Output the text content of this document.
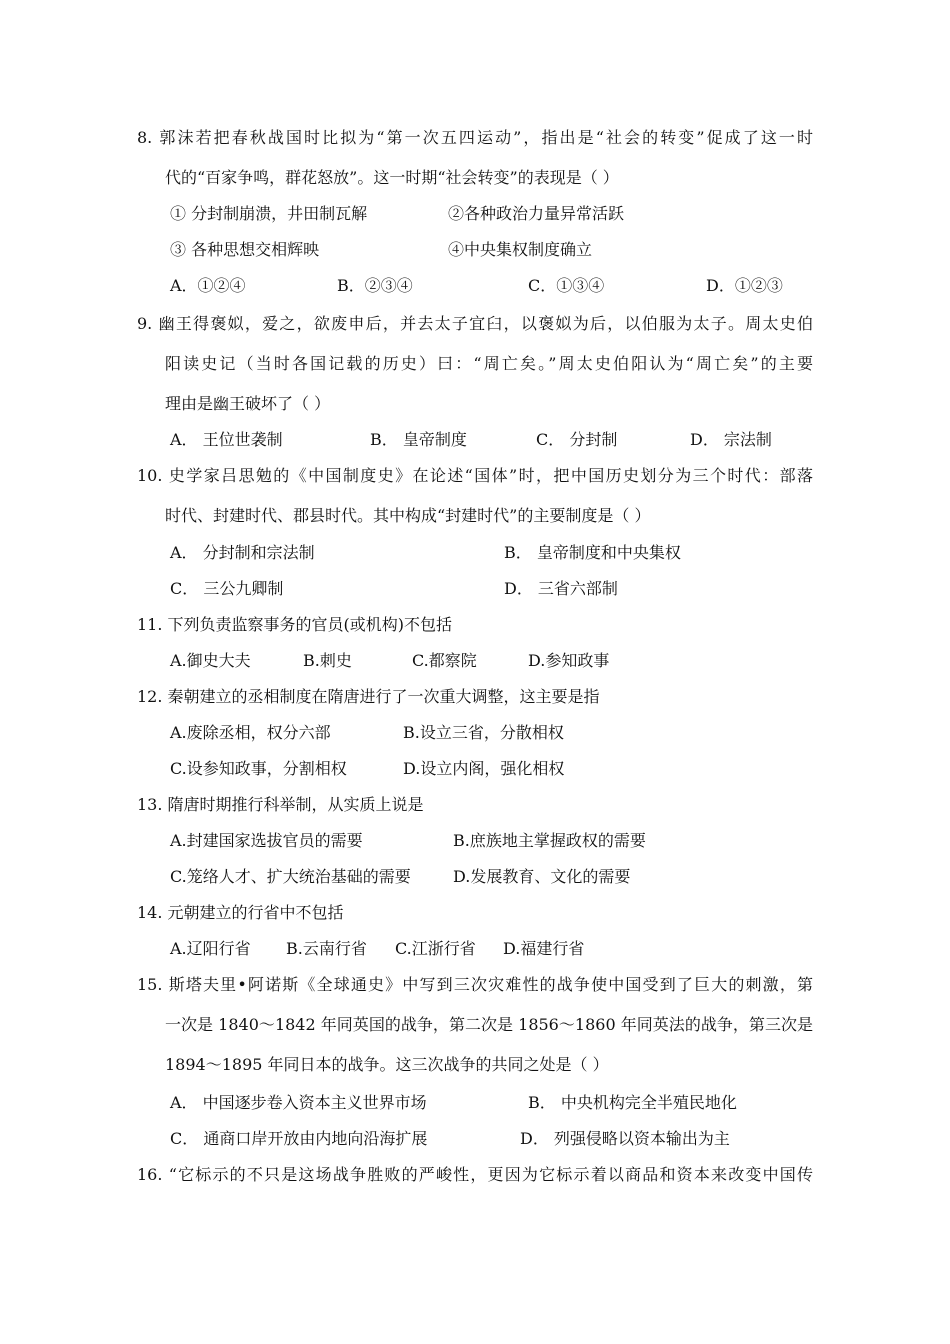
8. 郭沫若把春秋战国时比拟为“第一次五四运动”，指出是“社会的转变”促成了这一时
代的“百家争鸣，群花怒放”。这一时期“社会转变”的表现是（ ）
① 分封制崩溃，井田制瓦解	②各种政治力量异常活跃
③ 各种思想交相辉映	④中央集权制度确立
A．①②④	B．②③④	C．①③④	D．①②③
9. 幽王得褒姒，爱之，欲废申后，并去太子宜臼，以褒姒为后，以伯服为太子。周太史伯
阳读史记（当时各国记载的历史）曰：“周亡矣。”周太史伯阳认为“周亡矣”的主要
理由是幽王破坏了（ ）
A． 王位世袭制	B． 皇帝制度	C． 分封制	D． 宗法制
10. 史学家吕思勉的《中国制度史》在论述“国体”时，把中国历史划分为三个时代：部落
时代、封建时代、郡县时代。其中构成“封建时代”的主要制度是（ ）
A． 分封制和宗法制	B． 皇帝制度和中央集权
C． 三公九卿制	D． 三省六部制
11. 下列负责监察事务的官员(或机构)不包括
A.御史大夫	B.刺史	C.都察院	D.参知政事
12. 秦朝建立的丞相制度在隋唐进行了一次重大调整，这主要是指
A.废除丞相，权分六部	B.设立三省，分散相权
C.设参知政事，分割相权	D.设立内阁，强化相权
13. 隋唐时期推行科举制，从实质上说是
A.封建国家选拔官员的需要	B.庶族地主掌握政权的需要
C.笼络人才、扩大统治基础的需要	D.发展教育、文化的需要
14. 元朝建立的行省中不包括
A.辽阳行省 B.云南行省 C.江浙行省 D.福建行省
15. 斯塔夫里•阿诺斯《全球通史》中写到三次灾难性的战争使中国受到了巨大的刺激，第
一次是 1840～1842 年同英国的战争，第二次是 1856～1860 年同英法的战争，第三次是
1894～1895 年同日本的战争。这三次战争的共同之处是（ ）
A． 中国逐步卷入资本主义世界市场	B． 中央机构完全半殖民地化
C． 通商口岸开放由内地向沿海扩展	D． 列强侵略以资本输出为主
16. “它标示的不只是这场战争胜败的严峻性，更因为它标示着以商品和资本来改变中国传
